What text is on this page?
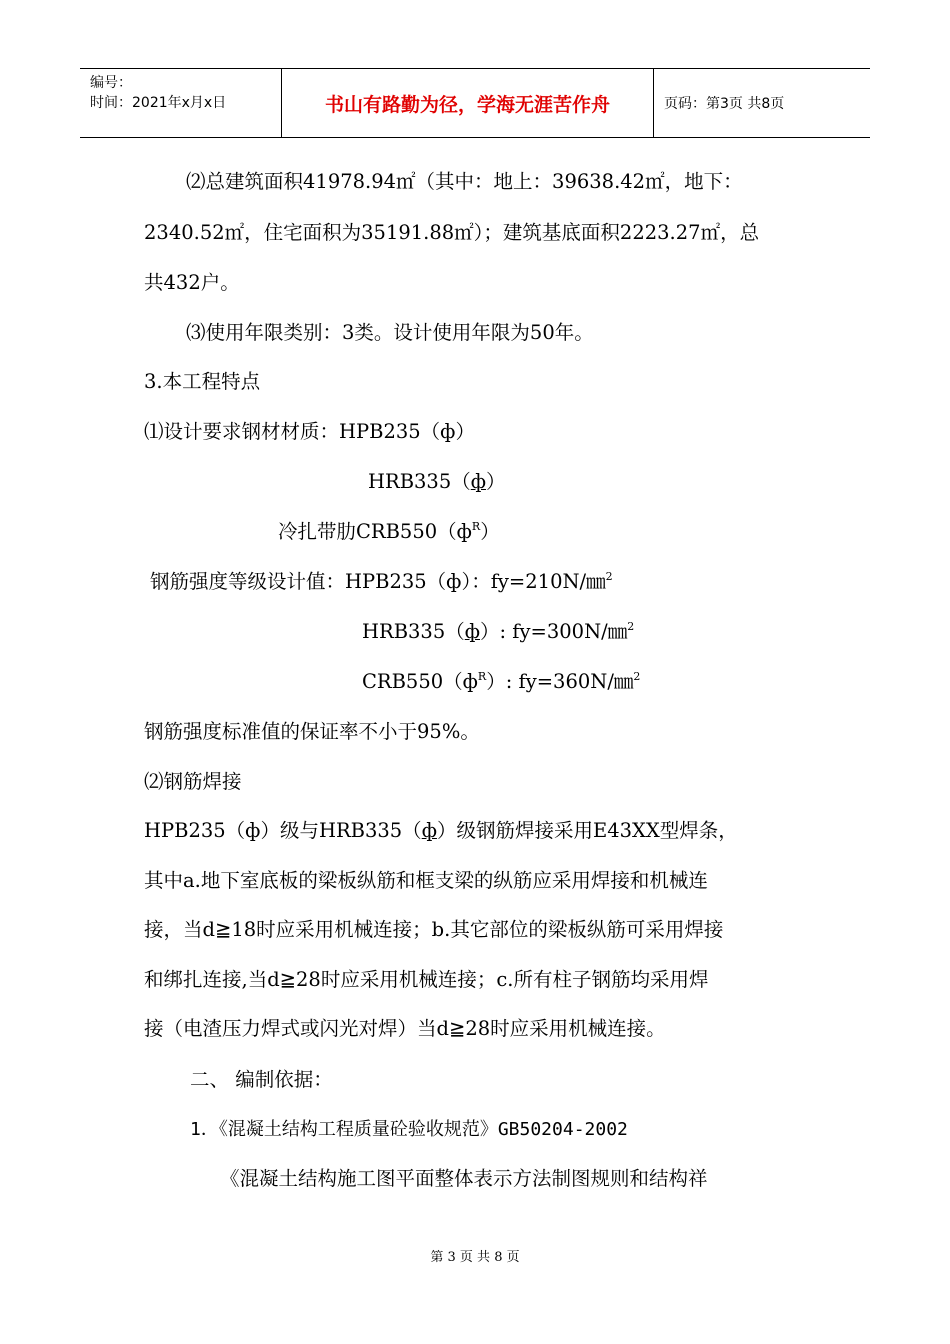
编号：
时间：2021年x月x日	书山有路勤为径，学海无涯苦作舟	页码：第3页 共8页
⑵总建筑面积41978.94㎡（其中：地上：39638.42㎡，地下：
2340.52㎡，住宅面积为35191.88㎡）；建筑基底面积2223.27㎡，总
共432户。
⑶使用年限类别：3类。设计使用年限为50年。
3.本工程特点
⑴设计要求钢材材质：HPB235（ф）
HRB335（ф）
冷扎带肋$CRB550(ф^R)$
钢筋强度等级设计值：HPB235（ф）：fy=210N/㎜$^2$
HRB335（ф）: fy=300N/㎜$^2$
$CRB550(ф^R)$: fy=360N/㎜$^2$
钢筋强度标准值的保证率不小于95%。
⑵钢筋焊接
HPB235（ф）级与HRB335（ф）级钢筋焊接采用E43XX型焊条，
其中a.地下室底板的梁板纵筋和框支梁的纵筋应采用焊接和机械连
接，当d≧18时应采用机械连接；b.其它部位的梁板纵筋可采用焊接
和绑扎连接,当d≧28时应采用机械连接；c.所有柱子钢筋均采用焊
接（电渣压力焊式或闪光对焊）当d≧28时应采用机械连接。
二、 编制依据：
1．《混凝土结构工程质量砼验收规范》GB50204-2002
《混凝土结构施工图平面整体表示方法制图规则和结构祥
第 3 页 共 8 页
